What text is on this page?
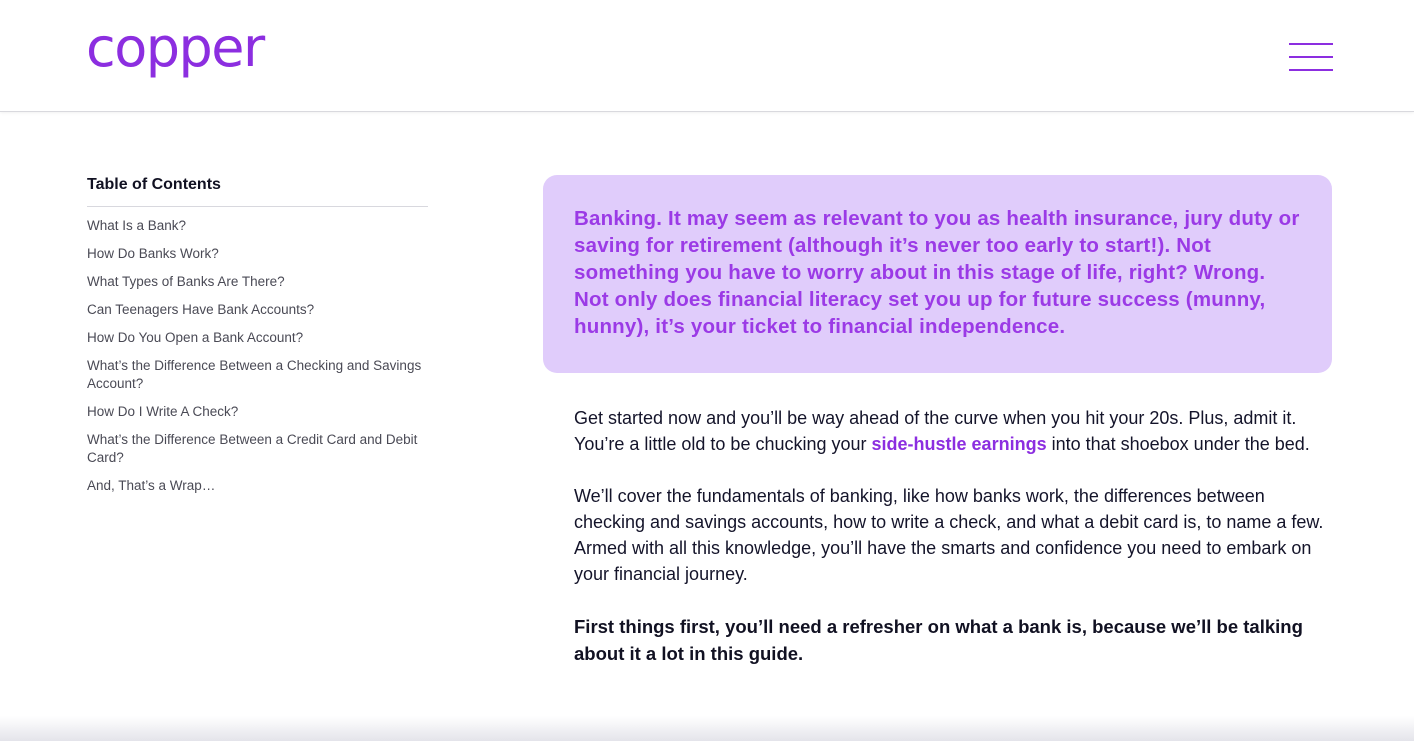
copper
Table of Contents
What Is a Bank?
How Do Banks Work?
What Types of Banks Are There?
Can Teenagers Have Bank Accounts?
How Do You Open a Bank Account?
What’s the Difference Between a Checking and Savings Account?
How Do I Write A Check?
What’s the Difference Between a Credit Card and Debit Card?
And, That’s a Wrap…

Banking. It may seem as relevant to you as health insurance, jury duty or saving for retirement (although it’s never too early to start!). Not something you have to worry about in this stage of life, right? Wrong. Not only does financial literacy set you up for future success (munny, hunny), it’s your ticket to financial independence.

Get started now and you’ll be way ahead of the curve when you hit your 20s. Plus, admit it. You’re a little old to be chucking your side-hustle earnings into that shoebox under the bed.

We’ll cover the fundamentals of banking, like how banks work, the differences between checking and savings accounts, how to write a check, and what a debit card is, to name a few. Armed with all this knowledge, you’ll have the smarts and confidence you need to embark on your financial journey.

First things first, you’ll need a refresher on what a bank is, because we’ll be talking about it a lot in this guide.
